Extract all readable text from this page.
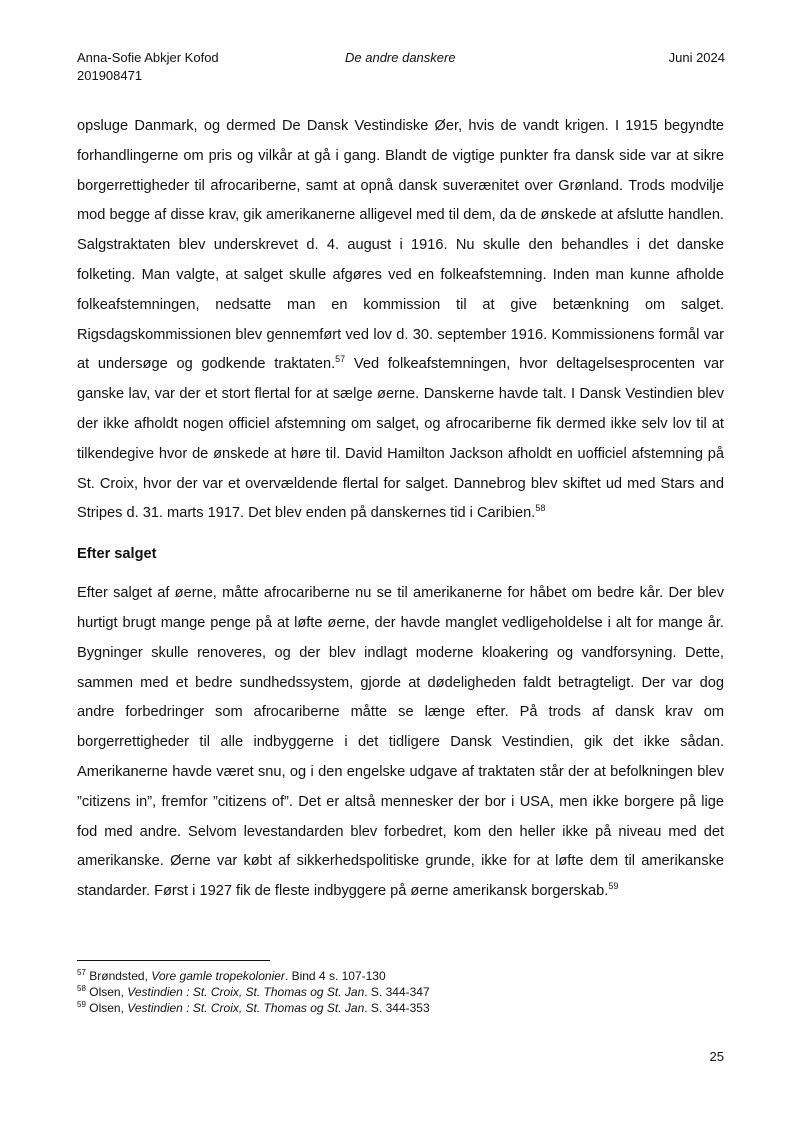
Anna-Sofie Abkjer Kofod
201908471
De andre danskere	Juni 2024

opsluge Danmark, og dermed De Dansk Vestindiske Øer, hvis de vandt krigen. I 1915 begyndte forhandlingerne om pris og vilkår at gå i gang. Blandt de vigtige punkter fra dansk side var at sikre borgerrettigheder til afrocariberne, samt at opnå dansk suverænitet over Grønland. Trods modvilje mod begge af disse krav, gik amerikanerne alligevel med til dem, da de ønskede at afslutte handlen. Salgstraktaten blev underskrevet d. 4. august i 1916. Nu skulle den behandles i det danske folketing. Man valgte, at salget skulle afgøres ved en folkeafstemning. Inden man kunne afholde folkeafstemningen, nedsatte man en kommission til at give betænkning om salget. Rigsdagskommissionen blev gennemført ved lov d. 30. september 1916. Kommissionens formål var at undersøge og godkende traktaten.$^{57}$ Ved folkeafstemningen, hvor deltagelsesprocenten var ganske lav, var der et stort flertal for at sælge øerne. Danskerne havde talt. I Dansk Vestindien blev der ikke afholdt nogen officiel afstemning om salget, og afrocariberne fik dermed ikke selv lov til at tilkendegive hvor de ønskede at høre til. David Hamilton Jackson afholdt en uofficiel afstemning på St. Croix, hvor der var et overvældende flertal for salget. Dannebrog blev skiftet ud med Stars and Stripes d. 31. marts 1917. Det blev enden på danskernes tid i Caribien.$^{58}$

Efter salget

Efter salget af øerne, måtte afrocariberne nu se til amerikanerne for håbet om bedre kår. Der blev hurtigt brugt mange penge på at løfte øerne, der havde manglet vedligeholdelse i alt for mange år. Bygninger skulle renoveres, og der blev indlagt moderne kloakering og vandforsyning. Dette, sammen med et bedre sundhedssystem, gjorde at dødeligheden faldt betragteligt. Der var dog andre forbedringer som afrocariberne måtte se længe efter. På trods af dansk krav om borgerrettigheder til alle indbyggerne i det tidligere Dansk Vestindien, gik det ikke sådan. Amerikanerne havde været snu, og i den engelske udgave af traktaten står der at befolkningen blev ”citizens in”, fremfor ”citizens of”. Det er altså mennesker der bor i USA, men ikke borgere på lige fod med andre. Selvom levestandarden blev forbedret, kom den heller ikke på niveau med det amerikanske. Øerne var købt af sikkerhedspolitiske grunde, ikke for at løfte dem til amerikanske standarder. Først i 1927 fik de fleste indbyggere på øerne amerikansk borgerskab.$^{59}$

$^{57}$ Brøndsted, Vore gamle tropekolonier. Bind 4 s. 107-130
$^{58}$ Olsen, Vestindien : St. Croix, St. Thomas og St. Jan. S. 344-347
$^{59}$ Olsen, Vestindien : St. Croix, St. Thomas og St. Jan. S. 344-353
25
